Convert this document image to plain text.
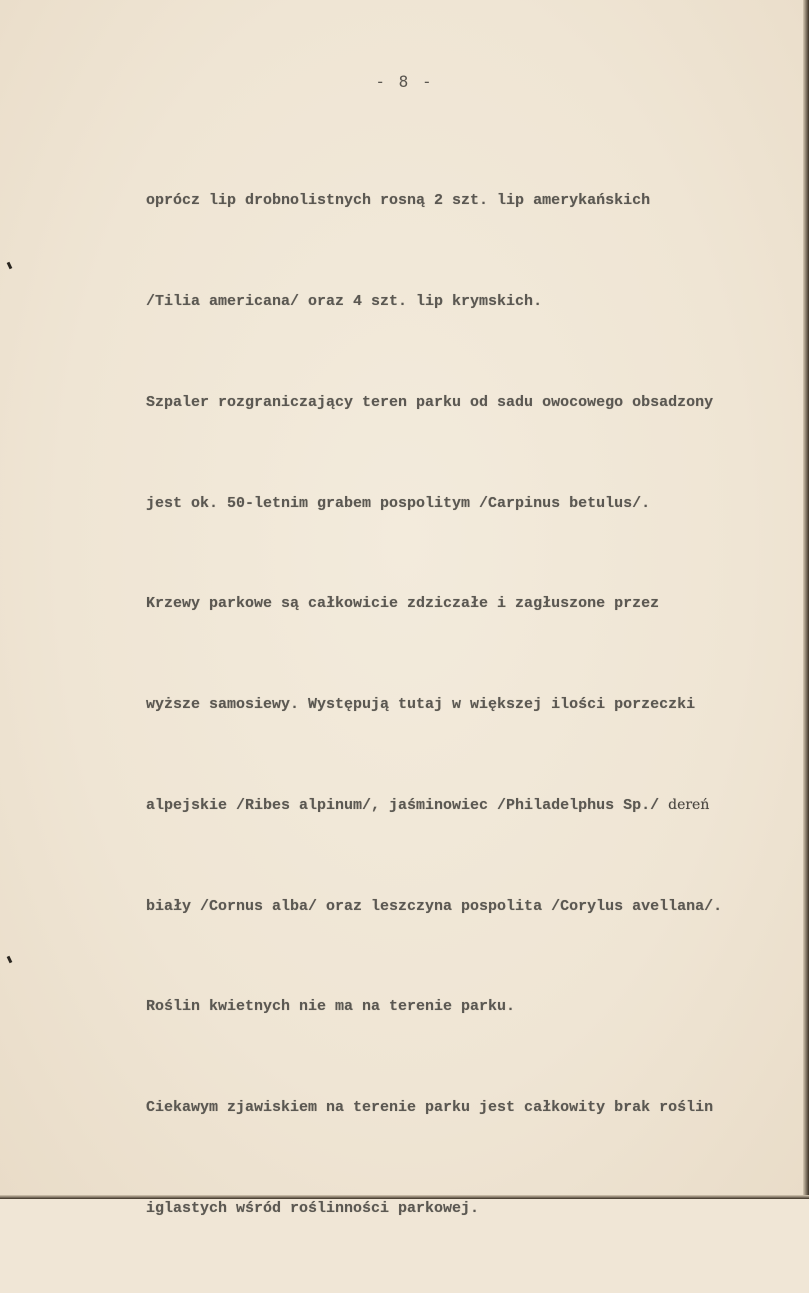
- 8 -

oprócz lip drobnolistnych rosną 2 szt. lip amerykańskich

/Tilia americana/ oraz 4 szt. lip krymskich.

Szpaler rozgraniczający teren parku od sadu owocowego obsadzony

jest ok. 50-letnim grabem pospolitym /Carpinus betulus/.

Krzewy parkowe są całkowicie zdziczałe i zagłuszone przez

wyższe samosiewy. Występują tutaj w większej ilości porzeczki

alpejskie /Ribes alpinum/, jaśminowiec /Philadelphus Sp./ dereń

biały /Cornus alba/ oraz leszczyna pospolita /Corylus avellana/.

Roślin kwietnych nie ma na terenie parku.

Ciekawym zjawiskiem na terenie parku jest całkowity brak roślin

iglastych wśród roślinności parkowej.
